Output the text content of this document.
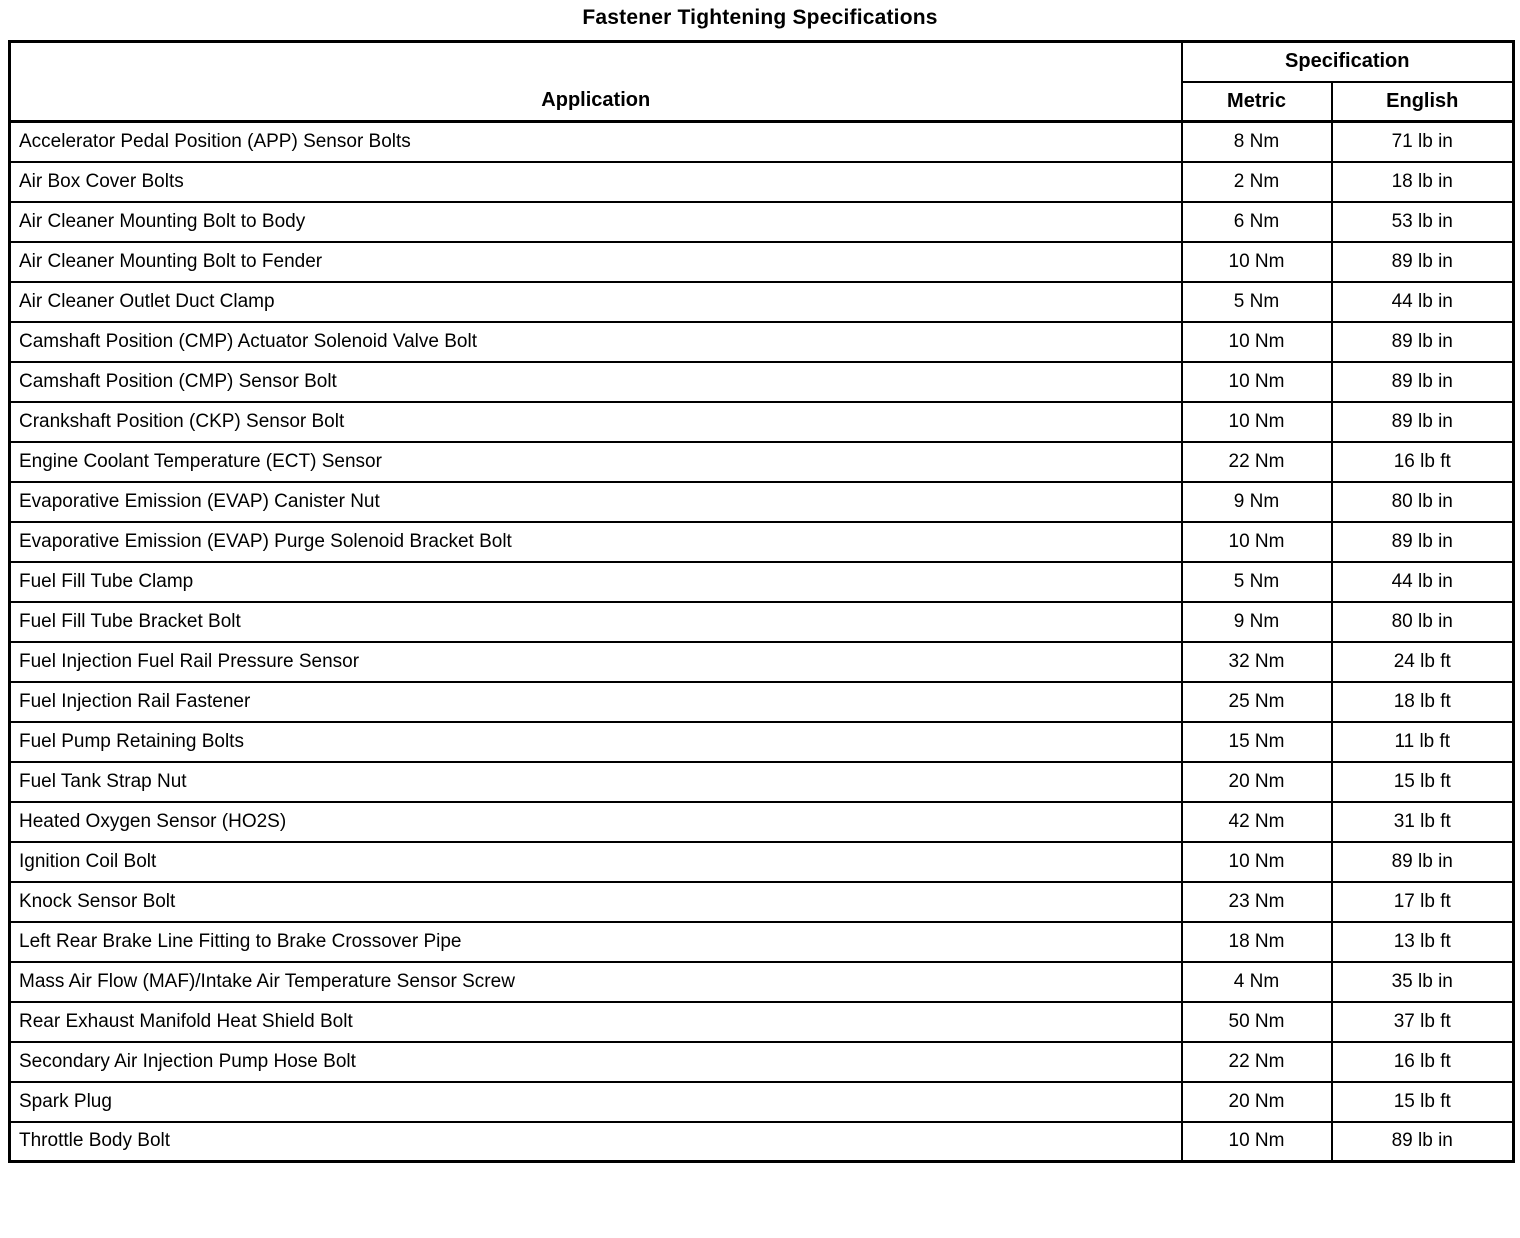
Fastener Tightening Specifications
Application	Specification	
	Metric	English
Accelerator Pedal Position (APP) Sensor Bolts	8 Nm	71 lb in
Air Box Cover Bolts	2 Nm	18 lb in
Air Cleaner Mounting Bolt to Body	6 Nm	53 lb in
Air Cleaner Mounting Bolt to Fender	10 Nm	89 lb in
Air Cleaner Outlet Duct Clamp	5 Nm	44 lb in
Camshaft Position (CMP) Actuator Solenoid Valve Bolt	10 Nm	89 lb in
Camshaft Position (CMP) Sensor Bolt	10 Nm	89 lb in
Crankshaft Position (CKP) Sensor Bolt	10 Nm	89 lb in
Engine Coolant Temperature (ECT) Sensor	22 Nm	16 lb ft
Evaporative Emission (EVAP) Canister Nut	9 Nm	80 lb in
Evaporative Emission (EVAP) Purge Solenoid Bracket Bolt	10 Nm	89 lb in
Fuel Fill Tube Clamp	5 Nm	44 lb in
Fuel Fill Tube Bracket Bolt	9 Nm	80 lb in
Fuel Injection Fuel Rail Pressure Sensor	32 Nm	24 lb ft
Fuel Injection Rail Fastener	25 Nm	18 lb ft
Fuel Pump Retaining Bolts	15 Nm	11 lb ft
Fuel Tank Strap Nut	20 Nm	15 lb ft
Heated Oxygen Sensor (HO2S)	42 Nm	31 lb ft
Ignition Coil Bolt	10 Nm	89 lb in
Knock Sensor Bolt	23 Nm	17 lb ft
Left Rear Brake Line Fitting to Brake Crossover Pipe	18 Nm	13 lb ft
Mass Air Flow (MAF)/Intake Air Temperature Sensor Screw	4 Nm	35 lb in
Rear Exhaust Manifold Heat Shield Bolt	50 Nm	37 lb ft
Secondary Air Injection Pump Hose Bolt	22 Nm	16 lb ft
Spark Plug	20 Nm	15 lb ft
Throttle Body Bolt	10 Nm	89 lb in
